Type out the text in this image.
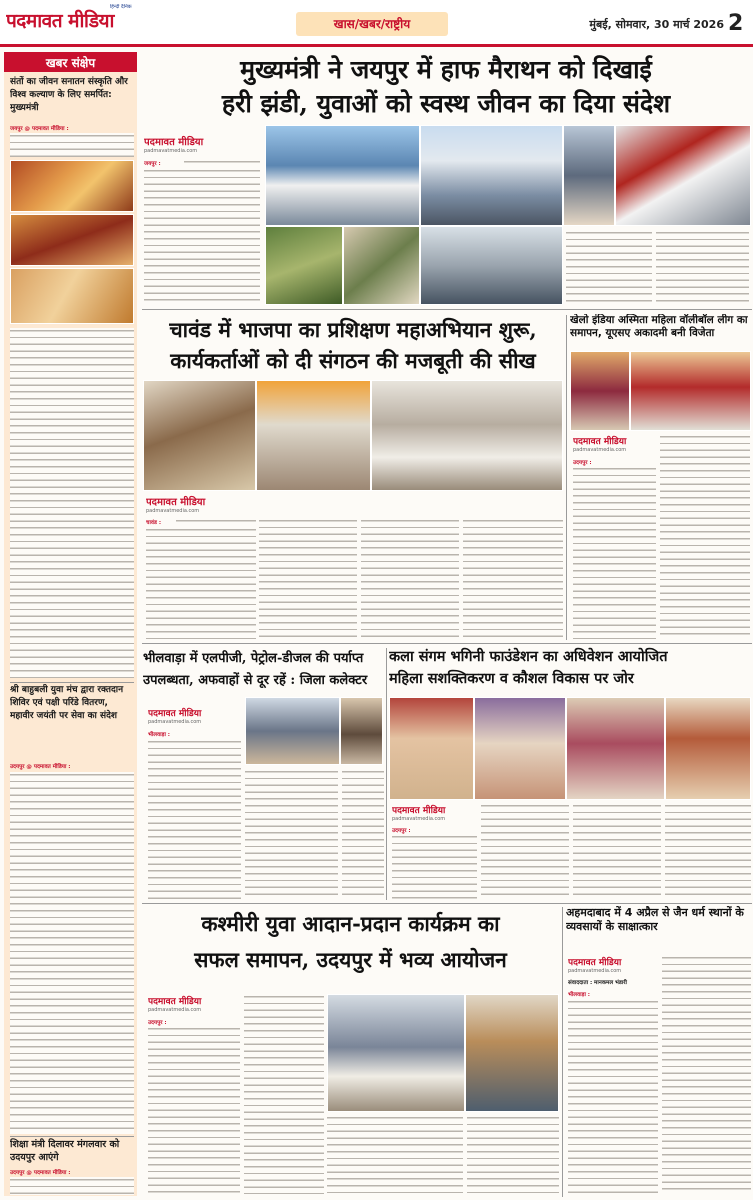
पदमावत मीडिया
हिन्दी दैनिक
खास/खबर/राष्ट्रीय	मुंबई, सोमवार, 30 मार्च 2026 2
खबर संक्षेप
संतों का जीवन सनातन संस्कृति और विश्व कल्याण के लिए समर्पित: मुख्यमंत्री
जयपुर @ पदमावत मीडिया :
श्री बाहुबली युवा मंच द्वारा रक्तदान शिविर एवं पक्षी परिंडे वितरण, महावीर जयंती पर सेवा का संदेश
उदयपुर @ पदमावत मीडिया :
शिक्षा मंत्री दिलावर मंगलवार को उदयपुर आएंगे
उदयपुर @ पदमावत मीडिया :
मुख्यमंत्री ने जयपुर में हाफ मैराथन को दिखाई
हरी झंडी, युवाओं को स्वस्थ जीवन का दिया संदेश
पदमावत मीडिया
padmavatmedia.com
जयपुर :
चावंड में भाजपा का प्रशिक्षण महाअभियान शुरू,
कार्यकर्ताओं को दी संगठन की मजबूती की सीख
पदमावत मीडिया
padmavatmedia.com
चावंड :
खेलो इंडिया अस्मिता महिला वॉलीबॉल लीग का समापन, यूएसए अकादमी बनी विजेता
पदमावत मीडिया
padmavatmedia.com
उदयपुर :
भीलवाड़ा में एलपीजी, पेट्रोल-डीजल की पर्याप्त
उपलब्धता, अफवाहों से दूर रहें : जिला कलेक्टर
पदमावत मीडिया
padmavatmedia.com
भीलवाड़ा :
कला संगम भगिनी फाउंडेशन का अधिवेशन आयोजित
महिला सशक्तिकरण व कौशल विकास पर जोर
पदमावत मीडिया
padmavatmedia.com
उदयपुर :
कश्मीरी युवा आदान-प्रदान कार्यक्रम का
सफल समापन, उदयपुर में भव्य आयोजन
पदमावत मीडिया
padmavatmedia.com
उदयपुर :
अहमदाबाद में 4 अप्रैल से जैन धर्म स्थानों के व्यवसायों के साक्षात्कार
पदमावत मीडिया
padmavatmedia.com
संवाददाता : मानकमल भंडारी
भीलवाड़ा :
